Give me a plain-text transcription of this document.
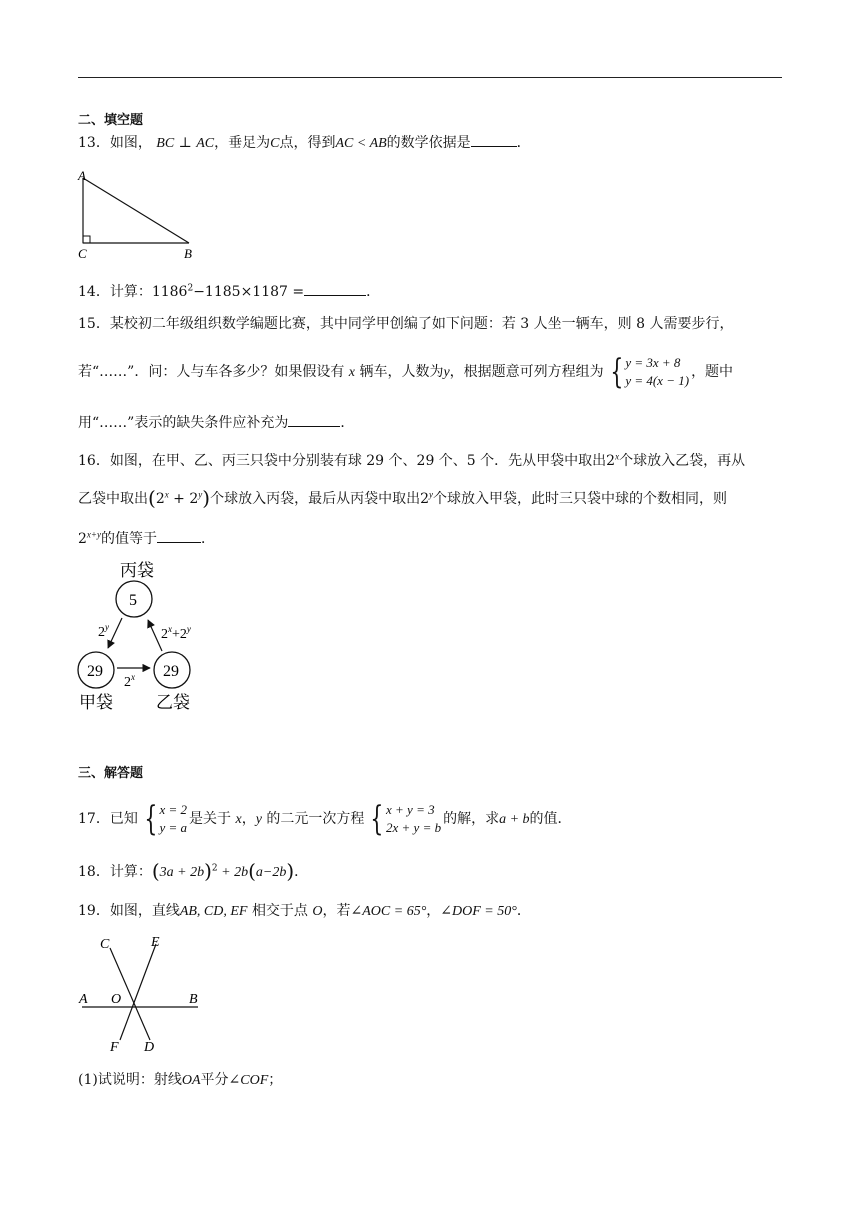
二、填空题
13．如图， BC ⊥ AC，垂足为C点，得到AC < AB的数学依据是	．
A
C	B
14．计算：$1186^2-1185\times 1187$ =	．
15．某校初二年级组织数学编题比赛，其中同学甲创编了如下问题：若 3 人坐一辆车，则 8 人需要步行，
若“……”．问：人与车各多少？如果假设有 x 辆车，人数为y，根据题意可列方程组为 { y = 3x + 8
y = 4(x − 1)
，题中
用“……”表示的缺失条件应补充为	．
16．如图，在甲、乙、丙三只袋中分别装有球 29 个、29 个、5 个．先从甲袋中取出2$^x$个球放入乙袋，再从
乙袋中取出$(2^x + 2^y)$个球放入丙袋，最后从丙袋中取出2$^y$个球放入甲袋，此时三只袋中球的个数相同，则
$2^{x+y}$的值等于	．
丙袋
5
29
甲袋
29
乙袋
2$^y$	$2^x+2^y$
2$^x$
三、解答题
17．已知 { x = 2
y = a
是关于 x，y 的二元一次方程 { x + y = 3
2x + y = b
的解，求a + b的值．
18．计算：$(3a + 2b)^2 + 2b(a-2b)$．
19．如图，直线AB, CD, EF 相交于点 O，若∠AOC = 65°，∠DOF = 50°．
C	E
A O	B
F D
(1)试说明：射线OA平分∠COF；
